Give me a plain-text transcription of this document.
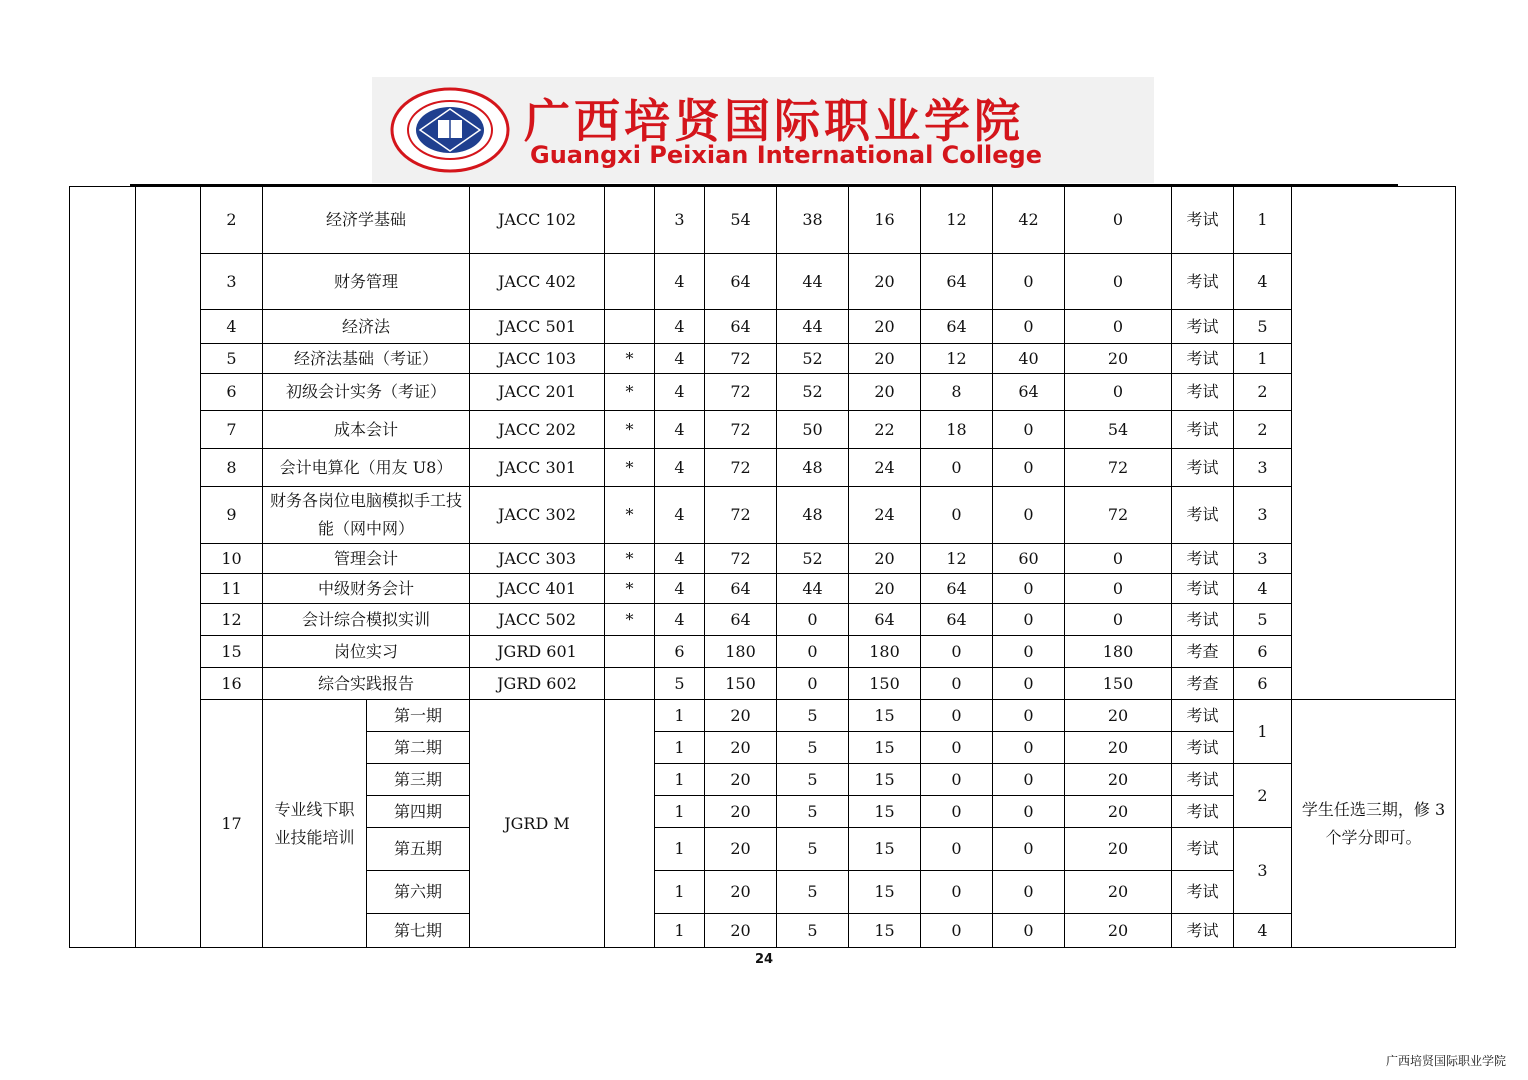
广西培贤国际职业学院
Guangxi Peixian International College
		2	经济学基础		JACC 102		3	54	38	16	12	42	0	考试	1	
		3	财务管理		JACC 402		4	64	44	20	64	0	0	考试	4	
		4	经济法		JACC 501		4	64	44	20	64	0	0	考试	5	
		5	经济法基础（考证）		JACC 103	*	4	72	52	20	12	40	20	考试	1	
		6	初级会计实务（考证）		JACC 201	*	4	72	52	20	8	64	0	考试	2	
		7	成本会计		JACC 202	*	4	72	50	22	18	0	54	考试	2	
		8	会计电算化（用友 U8）		JACC 301	*	4	72	48	24	0	0	72	考试	3	
		9	财务各岗位电脑模拟手工技能（网中网）		JACC 302	*	4	72	48	24	0	0	72	考试	3	
		10	管理会计		JACC 303	*	4	72	52	20	12	60	0	考试	3	
		11	中级财务会计		JACC 401	*	4	64	44	20	64	0	0	考试	4	
		12	会计综合模拟实训		JACC 502	*	4	64	0	64	64	0	0	考试	5	
		15	岗位实习		JGRD 601		6	180	0	180	0	0	180	考查	6	
		16	综合实践报告		JGRD 602		5	150	0	150	0	0	150	考查	6	
		17	专业线下职业技能培训	第一期	JGRD M		1	20	5	15	0	0	20	考试	1	学生任选三期，修 3 个学分即可。
				第二期			1	20	5	15	0	0	20	考试		
				第三期			1	20	5	15	0	0	20	考试	2	
				第四期			1	20	5	15	0	0	20	考试		
				第五期			1	20	5	15	0	0	20	考试	3	
				第六期			1	20	5	15	0	0	20	考试		
				第七期			1	20	5	15	0	0	20	考试	4	
24
广西培贤国际职业学院
